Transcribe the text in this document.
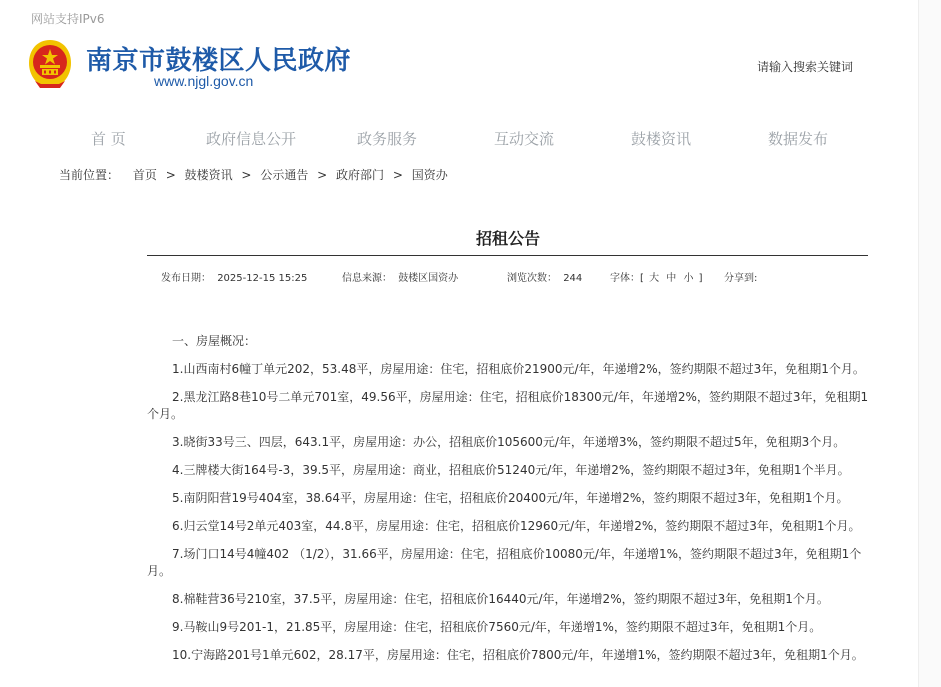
网站支持IPv6
南京市鼓楼区人民政府
www.njgl.gov.cn
请输入搜索关键词
首 页	政府信息公开	政务服务	互动交流	鼓楼资讯	数据发布
当前位置： 首页 > 鼓楼资讯 > 公示通告 > 政府部门 > 国资办
招租公告
发布日期： 2025-12-15 15:25	信息来源： 鼓楼区国资办	浏览次数： 244	字体：[ 大 中 小 ] 分享到:

一、房屋概况：

1.山西南村6幢丁单元202，53.48平，房屋用途：住宅，招租底价21900元/年，年递增2%，签约期限不超过3年，免租期1个月。

2.黑龙江路8巷10号二单元701室，49.56平，房屋用途：住宅，招租底价18300元/年，年递增2%，签约期限不超过3年，免租期1个月。

3.晓街33号三、四层，643.1平，房屋用途：办公，招租底价105600元/年，年递增3%，签约期限不超过5年，免租期3个月。

4.三牌楼大街164号-3，39.5平，房屋用途：商业，招租底价51240元/年，年递增2%，签约期限不超过3年，免租期1个半月。

5.南阴阳营19号404室，38.64平，房屋用途：住宅，招租底价20400元/年，年递增2%，签约期限不超过3年，免租期1个月。

6.归云堂14号2单元403室，44.8平，房屋用途：住宅，招租底价12960元/年，年递增2%，签约期限不超过3年，免租期1个月。

7.场门口14号4幢402 （1/2），31.66平，房屋用途：住宅，招租底价10080元/年，年递增1%，签约期限不超过3年，免租期1个月。

8.棉鞋营36号210室，37.5平，房屋用途：住宅，招租底价16440元/年，年递增2%，签约期限不超过3年，免租期1个月。

9.马鞍山9号201-1，21.85平，房屋用途：住宅，招租底价7560元/年，年递增1%，签约期限不超过3年，免租期1个月。

10.宁海路201号1单元602，28.17平，房屋用途：住宅，招租底价7800元/年，年递增1%，签约期限不超过3年，免租期1个月。
